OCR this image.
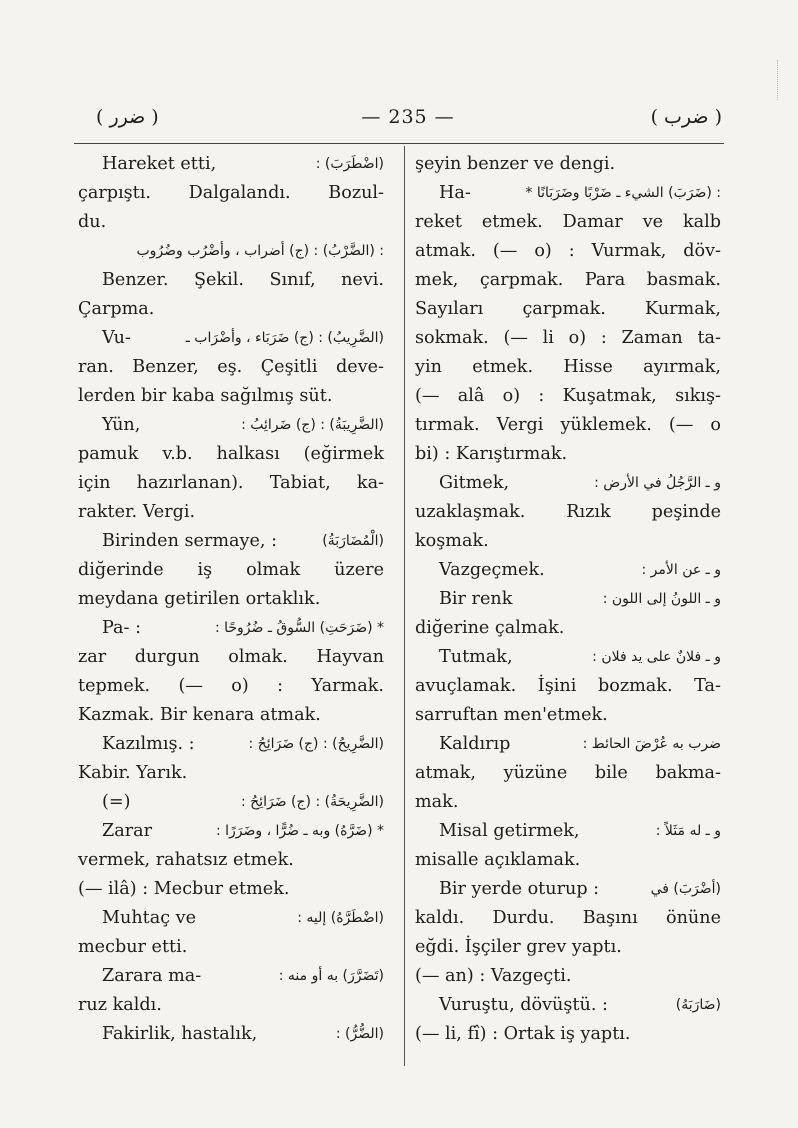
( ضرر )	— 235 —	( ضرب )
Hareket etti,	(اضْطَرَبَ) :
çarpıştı. Dalgalandı. Bozul-
du.
: (الضَّرْبُ) : (ج) أضراب ، وأضْرُب وضُرُوب
Benzer. Şekil. Sınıf, nevi.
Çarpma.
Vu-	(الضَّرِيبُ) : (ج) ضَرَبَاء ، وأضْرَاب ـ
ran. Benzer, eş. Çeşitli deve-
lerden bir kaba sağılmış süt.
Yün,	(الضَّرِيبَةُ) : (ج) ضَرائِبُ :
pamuk v.b. halkası (eğirmek
için hazırlanan). Tabiat, ka-
rakter. Vergi.
Birinden sermaye, :	(الْمُضَارَبَةُ)
diğerinde iş olmak üzere
meydana getirilen ortaklık.
Pa- :	* (ضَرَحَتِ) السُّوقُ ـ ضُرُوحًا :
zar durgun olmak. Hayvan
tepmek. (— o) : Yarmak.
Kazmak. Bir kenara atmak.
Kazılmış. :	(الضَّرِيحُ) : (ج) ضَرَائِحُ :
Kabir. Yarık.
(=)	(الضَّرِيحَةُ) : (ج) ضَرَائِحُ :
Zarar	* (ضَرَّهُ) وبه ـ ضُرًّا ، وضَرَرًا :
vermek, rahatsız etmek.
(— ilâ) : Mecbur etmek.
Muhtaç ve	(اضْطَرَّهُ) إليه :
mecbur etti.
Zarara ma-	(تَضَرَّرَ) به أو منه :
ruz kaldı.
Fakirlik, hastalık,	(الضُّرُّ) :
şeyin benzer ve dengi.
Ha-	: (ضَرَبَ) الشيء ـ ضَرْبًا وضَرَبَانًا *
reket etmek. Damar ve kalb
atmak. (— o) : Vurmak, döv-
mek, çarpmak. Para basmak.
Sayıları çarpmak. Kurmak,
sokmak. (— li o) : Zaman ta-
yin etmek. Hisse ayırmak,
(— alâ o) : Kuşatmak, sıkış-
tırmak. Vergi yüklemek. (— o
bi) : Karıştırmak.
Gitmek,	و ـ الرَّجُلُ في الأرض :
uzaklaşmak. Rızık peşinde
koşmak.
Vazgeçmek.	و ـ عن الأمر :
Bir renk	و ـ اللونُ إلى اللون :
diğerine çalmak.
Tutmak,	و ـ فلانٌ على يد فلان :
avuçlamak. İşini bozmak. Ta-
sarruftan men'etmek.
Kaldırıp	ضرب به عُرْضَ الحائط :
atmak, yüzüne bile bakma-
mak.
Misal getirmek,	و ـ له مَثَلاً :
misalle açıklamak.
Bir yerde oturup :	(أضْرَبَ) في
kaldı. Durdu. Başını önüne
eğdi. İşçiler grev yaptı.
(— an) : Vazgeçti.
Vuruştu, dövüştü. :	(ضَارَبَهُ)
(— li, fî) : Ortak iş yaptı.
